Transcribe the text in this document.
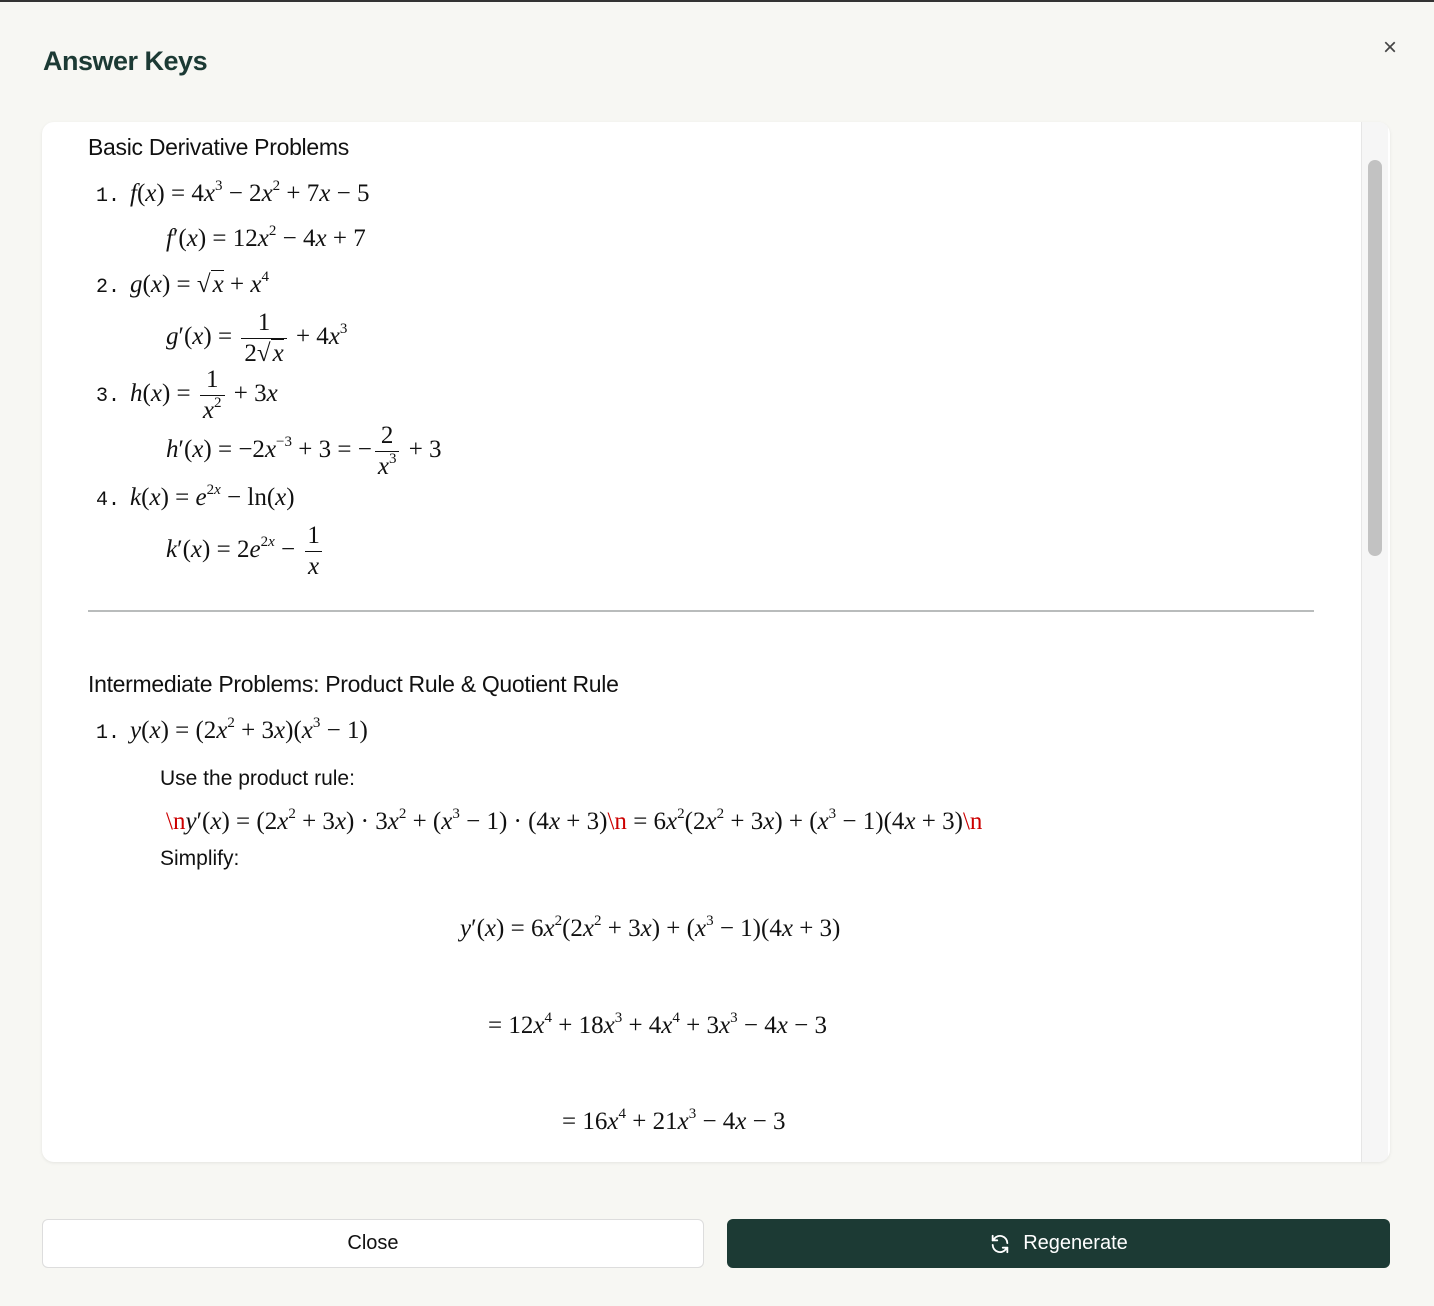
Answer Keys	×
Basic Derivative Problems
1. $f(x) = 4x^3 - 2x^2 + 7x - 5$
$f'(x) = 12x^2 - 4x + 7$
2. $g(x) = √x + x^4$
$g'(x) = \frac{1}{2√x} + 4x^3$
3. $h(x) = \frac{1}{x^2} + 3x$
$h'(x) = -2x^{-3} + 3$ = − $\frac{2}{x^3} + 3$
4. $k(x) = e^{2x} - \ln(x)$
$k'(x) = 2e^{2x} - \frac{1}{x}$
Intermediate Problems: Product Rule & Quotient Rule
1. $y(x) = (2x^2 + 3x)(x^3 - 1)$
Use the product rule:
\ny′(x) = $(2x^2 + 3x) \cdot 3x^2 + (x^3 - 1) \cdot (4x$ + 3)\n = $6x^2(2x^2 + 3x) + (x^3 - 1)(4x$ + 3)\n
Simplify:
$y'(x) = 6x^2(2x^2 + 3x) + (x^3 - 1)(4x + 3)$
= $12x^4 + 18x^3 + 4x^4 + 3x^3 - 4x - 3$
= $16x^4 + 21x^3 - 4x - 3$
Close	Regenerate
